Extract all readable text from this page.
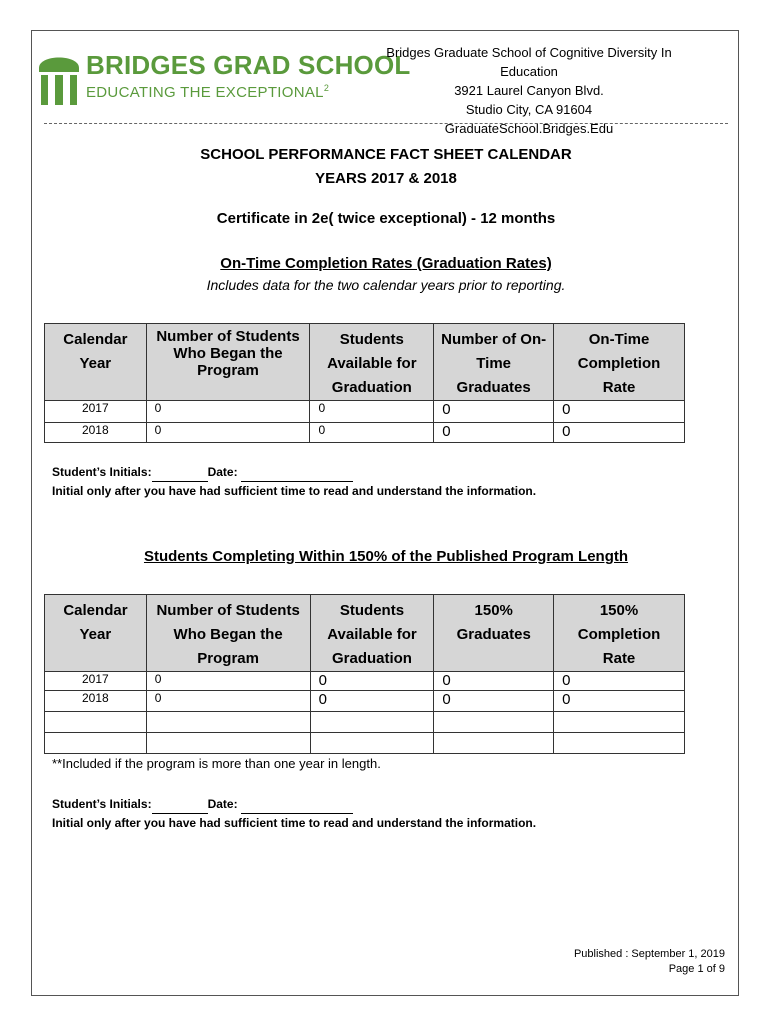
BRIDGES GRAD SCHOOL
EDUCATING THE EXCEPTIONAL$^2$
Bridges Graduate School of Cognitive Diversity In Education
3921 Laurel Canyon Blvd.
Studio City, CA 91604
GraduateSchool.Bridges.Edu
SCHOOL PERFORMANCE FACT SHEET CALENDAR
YEARS 2017 & 2018
Certificate in 2e( twice exceptional) - 12 months
On-Time Completion Rates (Graduation Rates)
Includes data for the two calendar years prior to reporting.
Calendar Year	Number of Students Who Began the Program	Students Available for Graduation	Number of On-Time Graduates	On-Time Completion Rate

2017	0	0	0	0
2018	0	0	0	0
Student’s Initials:	Date:
Initial only after you have had sufficient time to read and understand the information.
Students Completing Within 150% of the Published Program Length
Calendar Year	Number of Students Who Began the Program	Students Available for Graduation	150% Graduates	150% Completion Rate

2017	0	0	0	0
2018	0	0	0	0

**Included if the program is more than one year in length.
Student’s Initials:	Date:
Initial only after you have had sufficient time to read and understand the information.
Published : September 1, 2019
Page 1 of 9
